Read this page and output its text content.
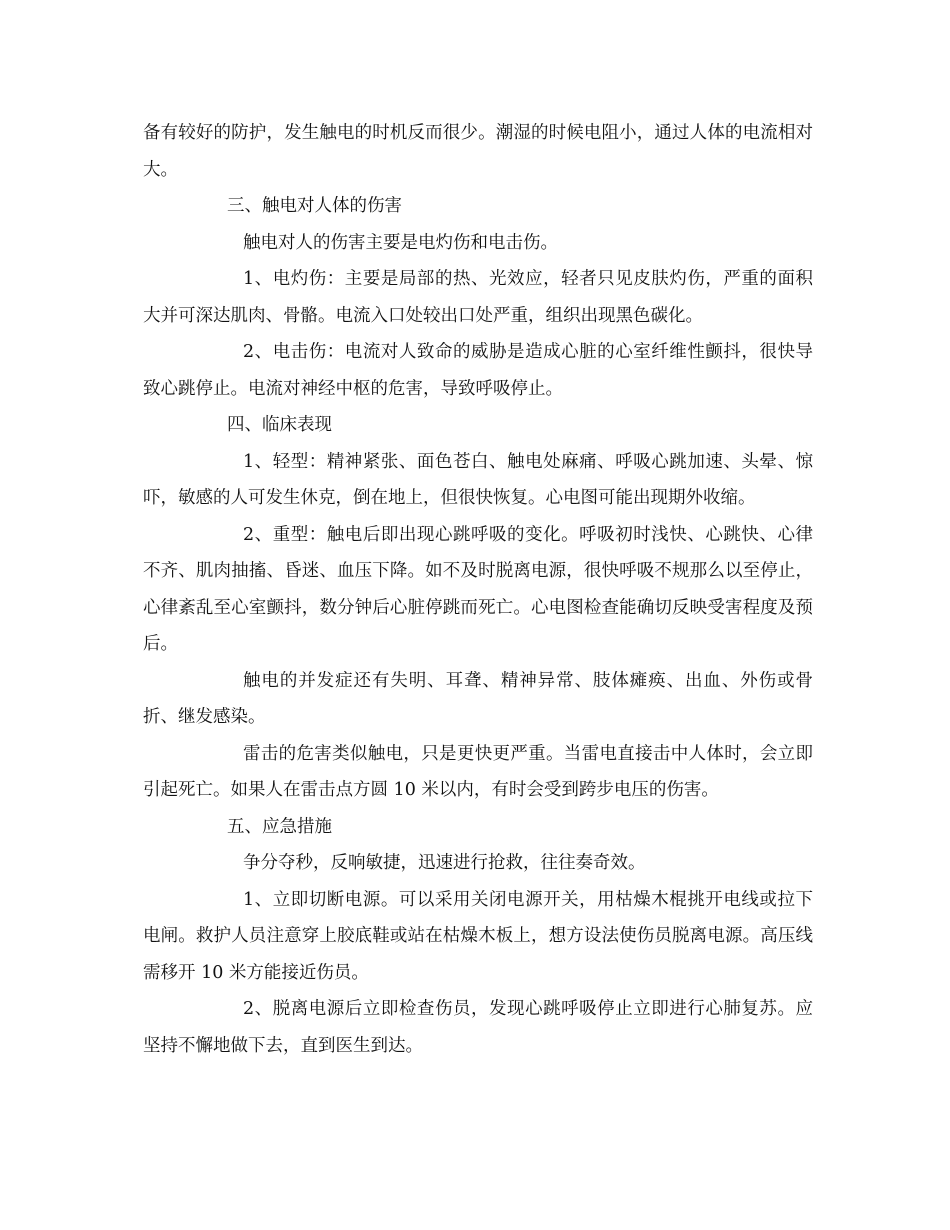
备有较好的防护，发生触电的时机反而很少。潮湿的时候电阻小，通过人体的电流相对大。

三、触电对人体的伤害

触电对人的伤害主要是电灼伤和电击伤。

1、电灼伤：主要是局部的热、光效应，轻者只见皮肤灼伤，严重的面积大并可深达肌肉、骨骼。电流入口处较出口处严重，组织出现黑色碳化。

2、电击伤：电流对人致命的威胁是造成心脏的心室纤维性颤抖，很快导致心跳停止。电流对神经中枢的危害，导致呼吸停止。

四、临床表现

1、轻型：精神紧张、面色苍白、触电处麻痛、呼吸心跳加速、头晕、惊吓，敏感的人可发生休克，倒在地上，但很快恢复。心电图可能出现期外收缩。

2、重型：触电后即出现心跳呼吸的变化。呼吸初时浅快、心跳快、心律不齐、肌肉抽搐、昏迷、血压下降。如不及时脱离电源，很快呼吸不规那么以至停止，心律紊乱至心室颤抖，数分钟后心脏停跳而死亡。心电图检查能确切反映受害程度及预后。

触电的并发症还有失明、耳聋、精神异常、肢体瘫痪、出血、外伤或骨折、继发感染。

雷击的危害类似触电，只是更快更严重。当雷电直接击中人体时，会立即引起死亡。如果人在雷击点方圆 10 米以内，有时会受到跨步电压的伤害。

五、应急措施

争分夺秒，反响敏捷，迅速进行抢救，往往奏奇效。

1、立即切断电源。可以采用关闭电源开关，用枯燥木棍挑开电线或拉下电闸。救护人员注意穿上胶底鞋或站在枯燥木板上，想方设法使伤员脱离电源。高压线需移开 10 米方能接近伤员。

2、脱离电源后立即检查伤员，发现心跳呼吸停止立即进行心肺复苏。应坚持不懈地做下去，直到医生到达。
